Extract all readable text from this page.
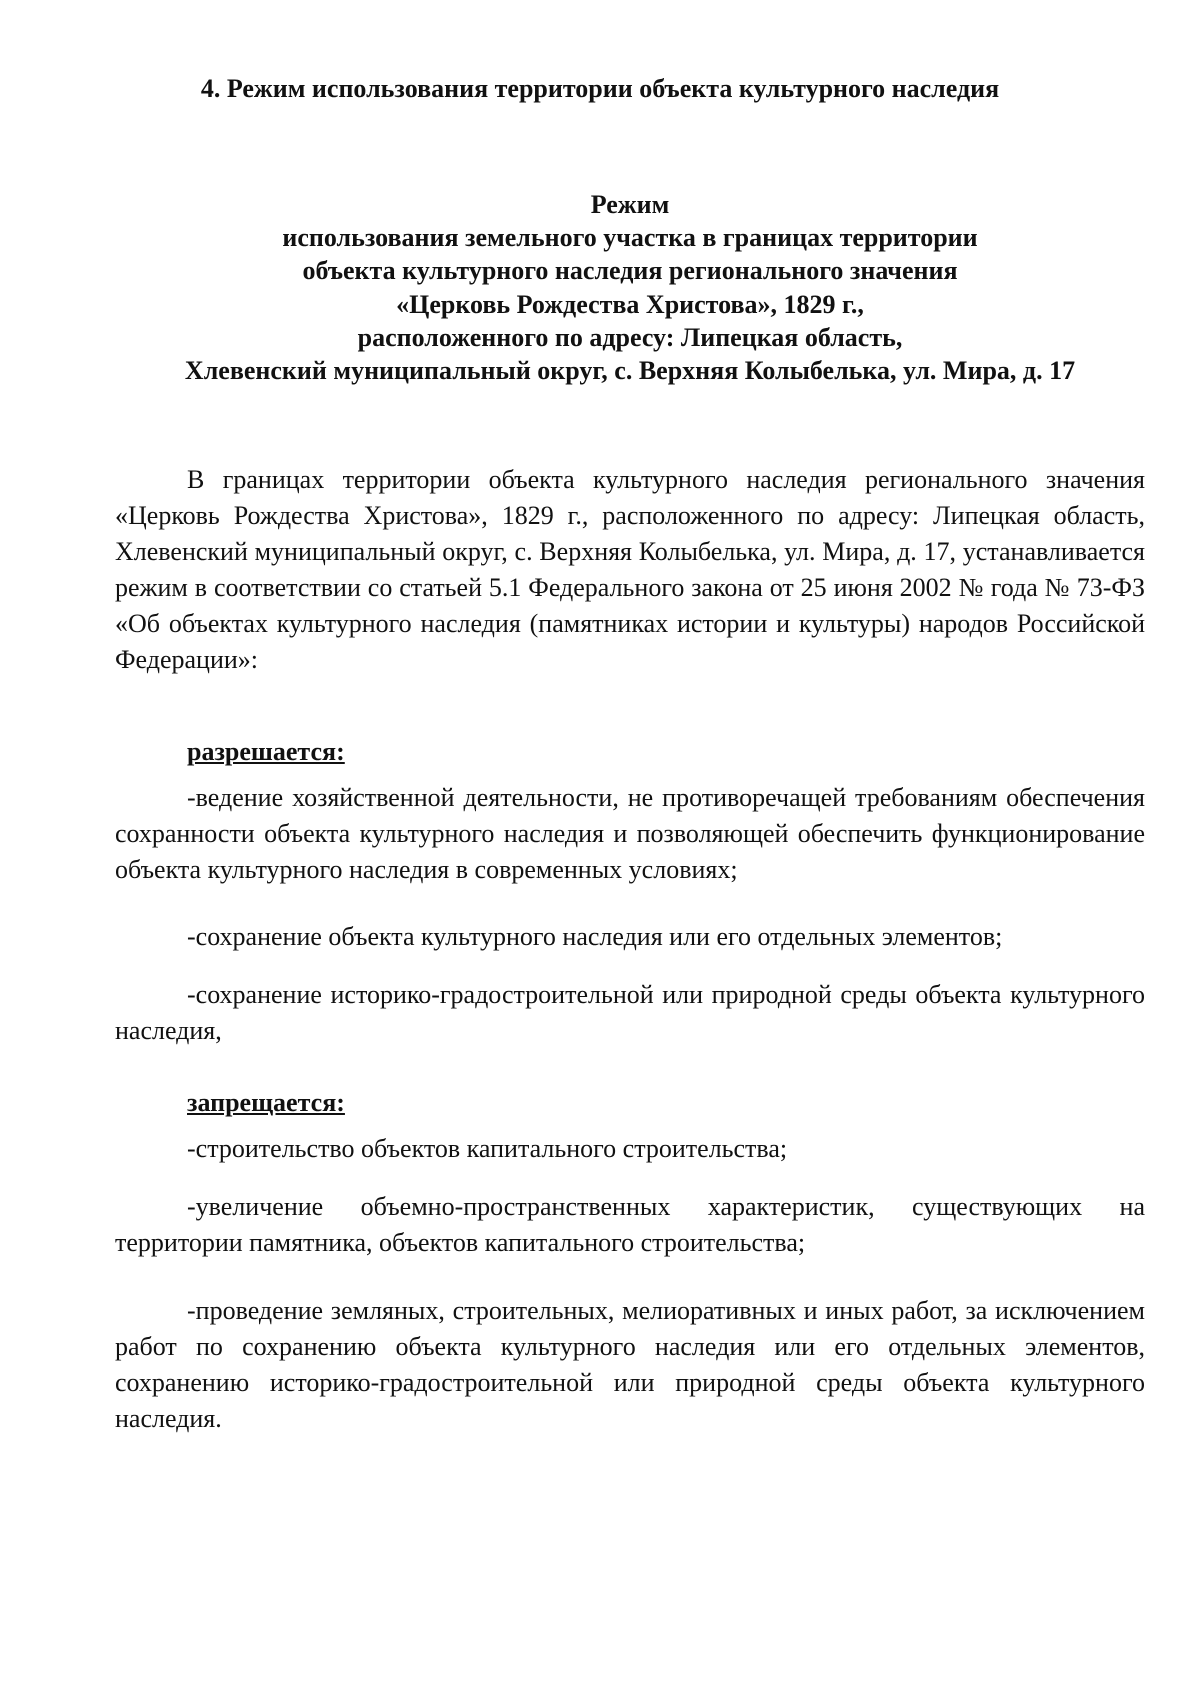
4. Режим использования территории объекта культурного наследия
Режим
использования земельного участка в границах территории
объекта культурного наследия регионального значения
«Церковь Рождества Христова», 1829 г.,
расположенного по адресу: Липецкая область,
Хлевенский муниципальный округ, с. Верхняя Колыбелька, ул. Мира, д. 17

В границах территории объекта культурного наследия регионального значения «Церковь Рождества Христова», 1829 г., расположенного по адресу: Липецкая область, Хлевенский муниципальный округ, с. Верхняя Колыбелька, ул. Мира, д. 17, устанавливается режим в соответствии со статьей 5.1 Федерального закона от 25 июня 2002 № года № 73-ФЗ «Об объектах культурного наследия (памятниках истории и культуры) народов Российской Федерации»:

разрешается:

-ведение хозяйственной деятельности, не противоречащей требованиям обеспечения сохранности объекта культурного наследия и позволяющей обеспечить функционирование объекта культурного наследия в современных условиях;

-сохранение объекта культурного наследия или его отдельных элементов;

-сохранение историко-градостроительной или природной среды объекта культурного наследия,

запрещается:

-строительство объектов капитального строительства;

-увеличение объемно-пространственных характеристик, существующих на территории памятника, объектов капитального строительства;

-проведение земляных, строительных, мелиоративных и иных работ, за исключением работ по сохранению объекта культурного наследия или его отдельных элементов, сохранению историко-градостроительной или природной среды объекта культурного наследия.
